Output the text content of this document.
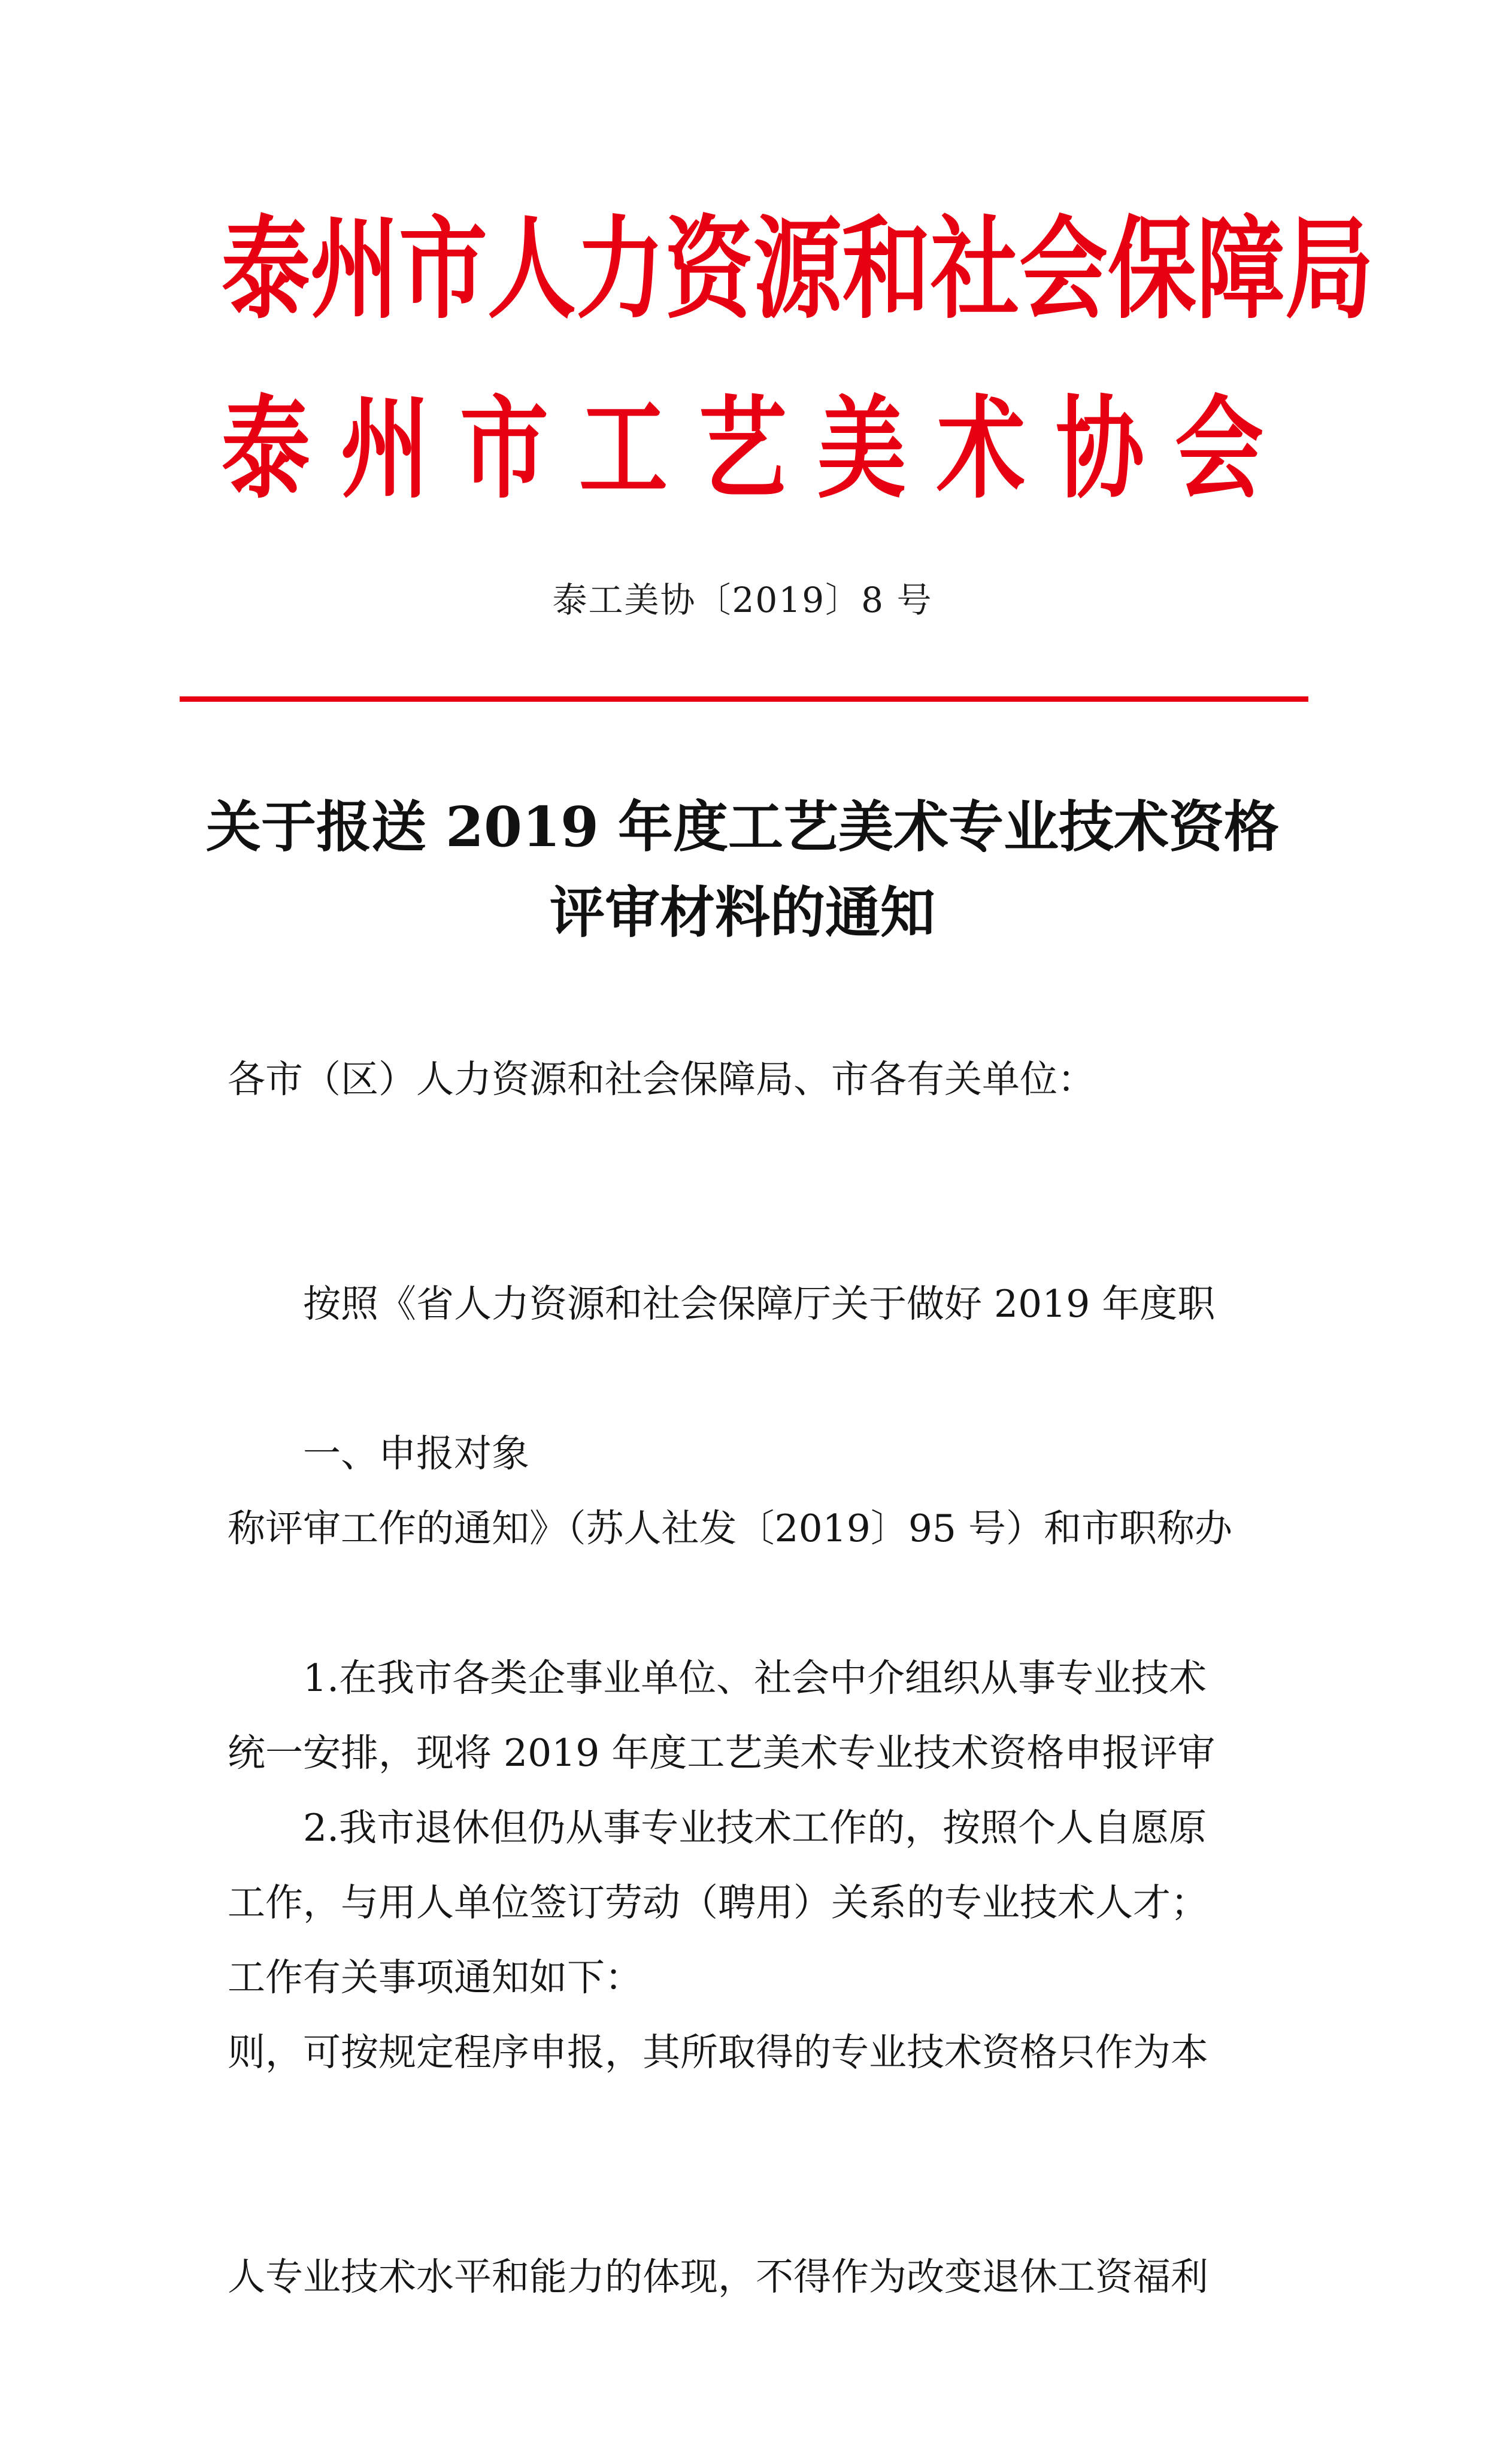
泰 州 市 人 力 资 源 和 社 会 保 障 局
泰 州 市 工 艺 美 术 协 会
泰工美协〔2019〕8 号
关于报送 2019 年度工艺美术专业技术资格
评审材料的通知
各市（区）人力资源和社会保障局、市各有关单位：

按照《省人力资源和社会保障厅关于做好 2019 年度职

称评审工作的通知》（苏人社发〔2019〕95 号）和市职称办

统一安排，现将 2019 年度工艺美术专业技术资格申报评审

工作有关事项通知如下：

一、申报对象

1.在我市各类企事业单位、社会中介组织从事专业技术

工作，与用人单位签订劳动（聘用）关系的专业技术人才；

2.我市退休但仍从事专业技术工作的，按照个人自愿原

则，可按规定程序申报，其所取得的专业技术资格只作为本

人专业技术水平和能力的体现，不得作为改变退休工资福利
